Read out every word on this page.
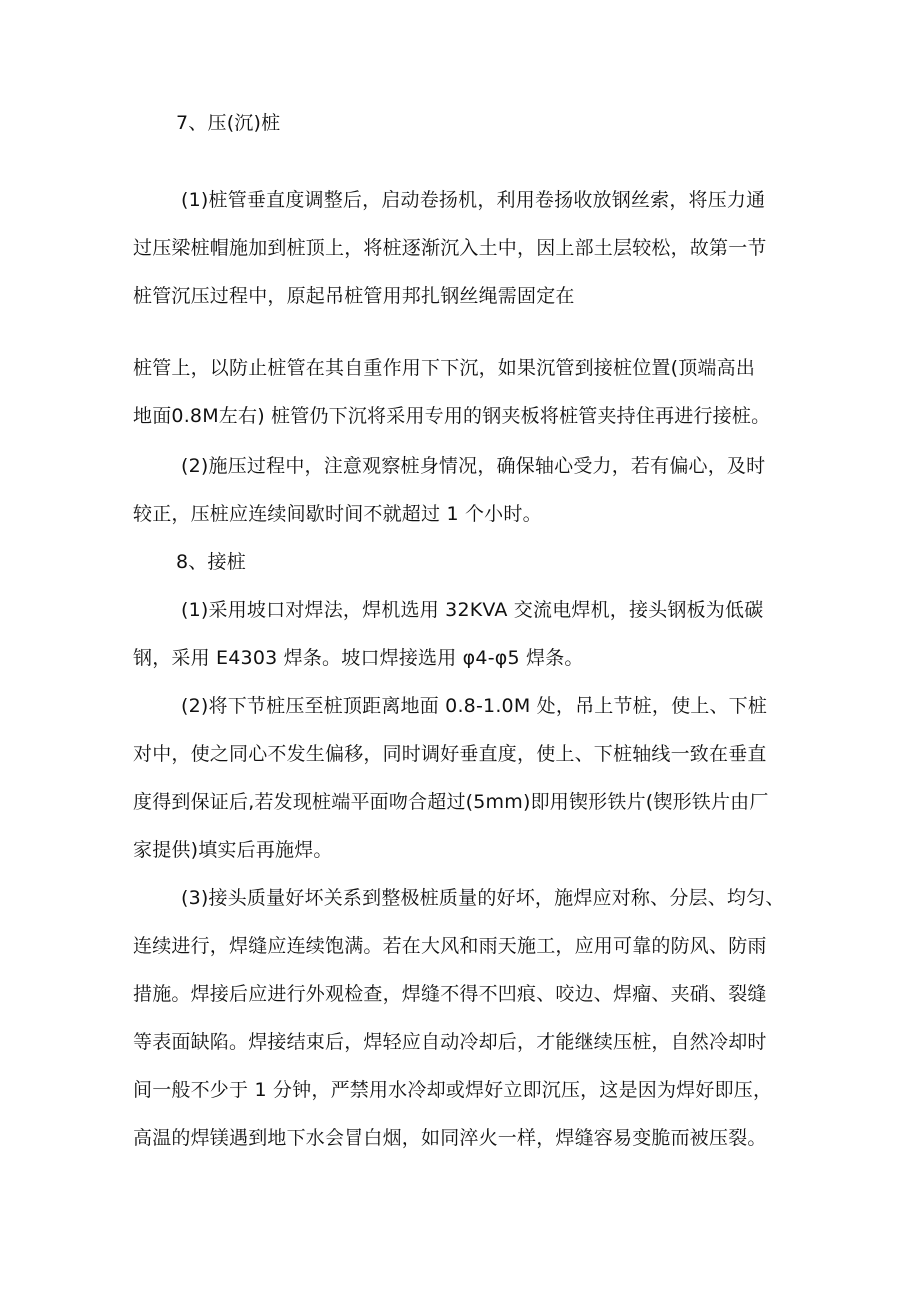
7、压(沉)桩
(1)桩管垂直度调整后，启动卷扬机，利用卷扬收放钢丝索，将压力通
过压梁桩帽施加到桩顶上，将桩逐渐沉入土中，因上部土层较松，故第一节
桩管沉压过程中，原起吊桩管用邦扎钢丝绳需固定在
桩管上，以防止桩管在其自重作用下下沉，如果沉管到接桩位置(顶端高出
地面0.8M左右) 桩管仍下沉将采用专用的钢夹板将桩管夹持住再进行接桩。
(2)施压过程中，注意观察桩身情况，确保轴心受力，若有偏心，及时
较正，压桩应连续间歇时间不就超过 1 个小时。
8、接桩
(1)采用坡口对焊法，焊机选用 32KVA 交流电焊机，接头钢板为低碳
钢，采用 E4303 焊条。坡口焊接选用 φ4-φ5 焊条。
(2)将下节桩压至桩顶距离地面 0.8-1.0M 处，吊上节桩，使上、下桩
对中，使之同心不发生偏移，同时调好垂直度，使上、下桩轴线一致在垂直
度得到保证后,若发现桩端平面吻合超过(5mm)即用锲形铁片(锲形铁片由厂
家提供)填实后再施焊。
(3)接头质量好坏关系到整极桩质量的好坏，施焊应对称、分层、均匀、
连续进行，焊缝应连续饱满。若在大风和雨天施工，应用可靠的防风、防雨
措施。焊接后应进行外观检查，焊缝不得不凹痕、咬边、焊瘤、夹硝、裂缝
等表面缺陷。焊接结束后，焊轻应自动冷却后，才能继续压桩，自然冷却时
间一般不少于 1 分钟，严禁用水冷却或焊好立即沉压，这是因为焊好即压，
高温的焊镁遇到地下水会冒白烟，如同淬火一样，焊缝容易变脆而被压裂。
